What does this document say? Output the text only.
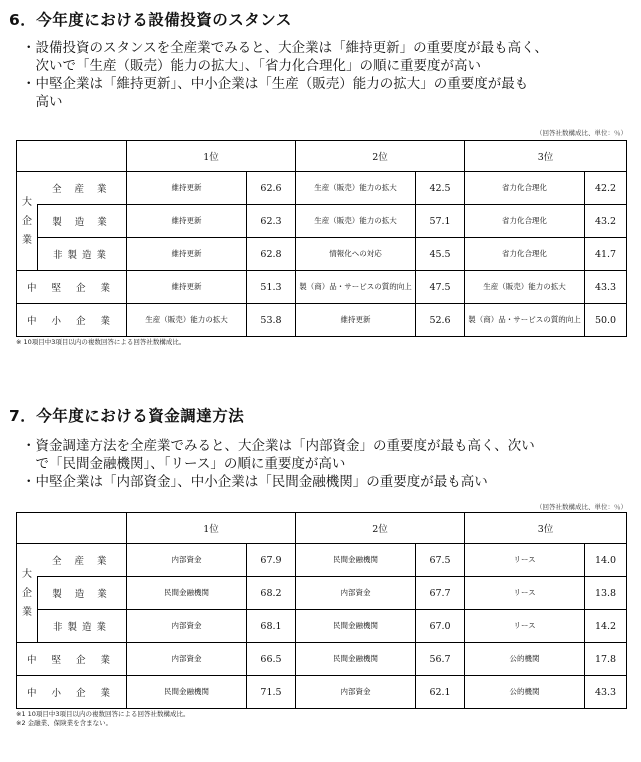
6．今年度における設備投資のスタンス
・設備投資のスタンスを全産業でみると、大企業は「維持更新」の重要度が最も高く、
　次いで「生産（販売）能力の拡大」、「省力化合理化」の順に重要度が高い
・中堅企業は「維持更新」、中小企業は「生産（販売）能力の拡大」の重要度が最も
　高い
（回答社数構成比、単位：％）
		1位		2位		3位	

大
企
業	全 産 業	維持更新	62.6	生産（販売）能力の拡大	42.5	省力化合理化	42.2
	製 造 業	維持更新	62.3	生産（販売）能力の拡大	57.1	省力化合理化	43.2
	非製造業	維持更新	62.8	情報化への対応	45.5	省力化合理化	41.7
中 堅 企 業		維持更新	51.3	製（商）品・サービスの質的向上	47.5	生産（販売）能力の拡大	43.3
中 小 企 業		生産（販売）能力の拡大	53.8	維持更新	52.6	製（商）品・サービスの質的向上	50.0
※ 10項目中3項目以内の複数回答による回答社数構成比。
7．今年度における資金調達方法
・資金調達方法を全産業でみると、大企業は「内部資金」の重要度が最も高く、次い
　で「民間金融機関」、「リース」の順に重要度が高い
・中堅企業は「内部資金」、中小企業は「民間金融機関」の重要度が最も高い
（回答社数構成比、単位：％）
		1位		2位		3位	

大
企
業	全 産 業	内部資金	67.9	民間金融機関	67.5	リース	14.0
	製 造 業	民間金融機関	68.2	内部資金	67.7	リース	13.8
	非製造業	内部資金	68.1	民間金融機関	67.0	リース	14.2
中 堅 企 業		内部資金	66.5	民間金融機関	56.7	公的機関	17.8
中 小 企 業		民間金融機関	71.5	内部資金	62.1	公的機関	43.3
※1 10項目中3項目以内の複数回答による回答社数構成比。
※2 金融業、保険業を含まない。
